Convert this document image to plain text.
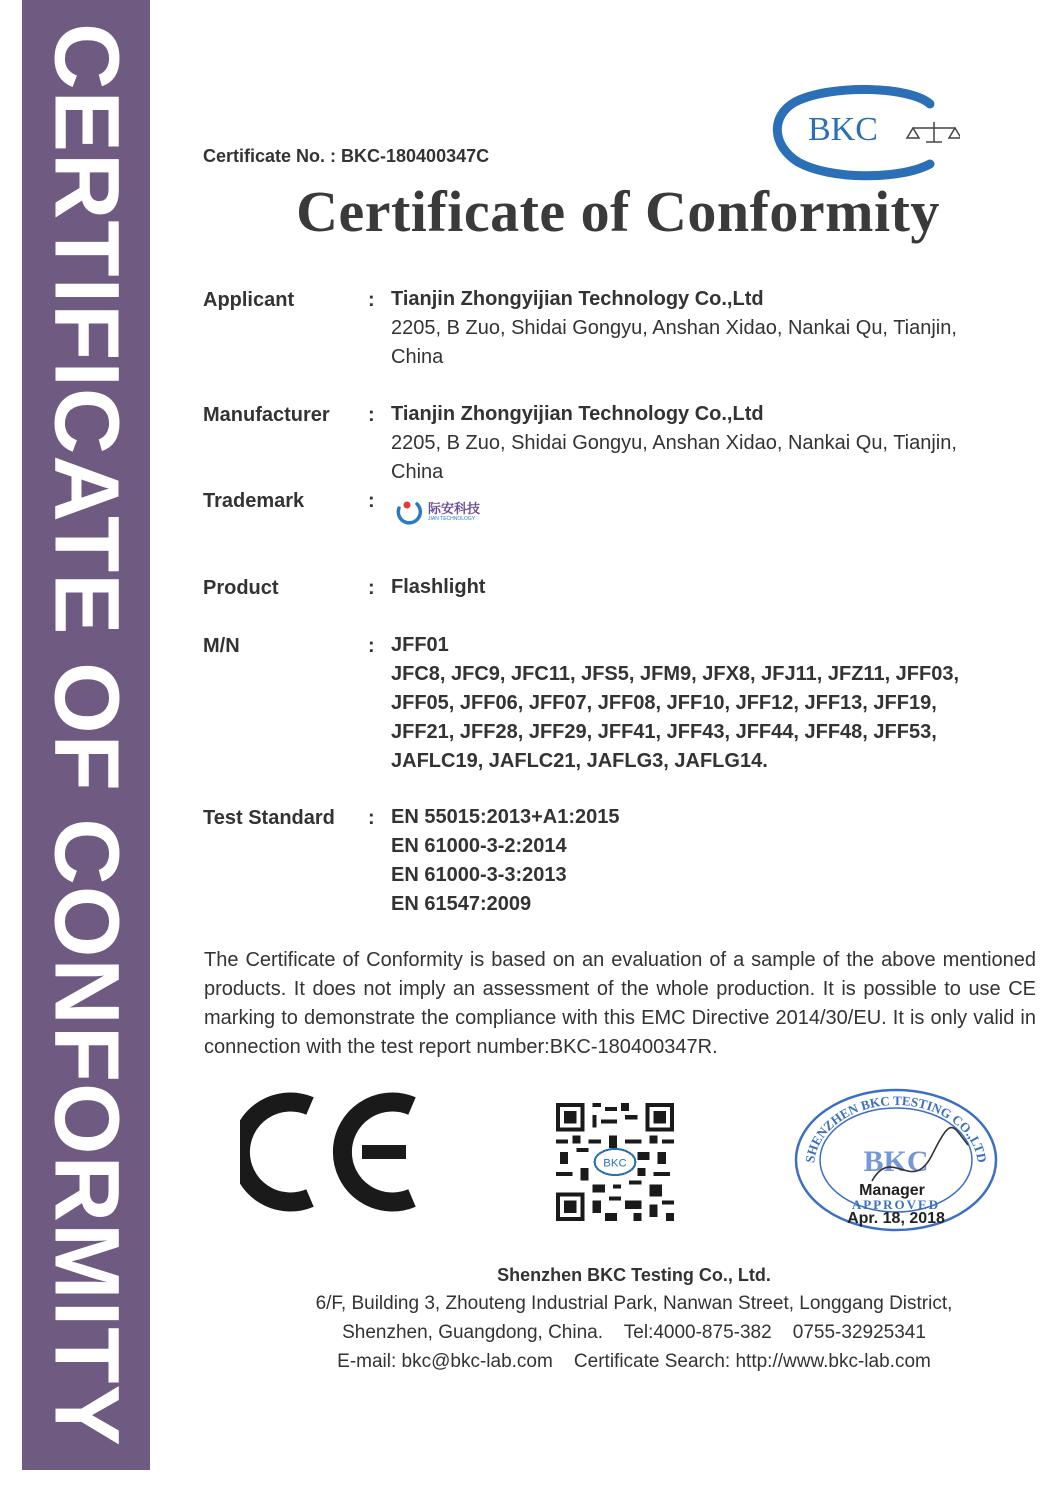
CERTIFICATE OF CONFORMITY	BKC
Certificate No. : BKC-180400347C
Certificate of Conformity
Applicant	: Tianjin Zhongyijian Technology Co.,Ltd
2205, B Zuo, Shidai Gongyu, Anshan Xidao, Nankai Qu, Tianjin,
China
Manufacturer : Tianjin Zhongyijian Technology Co.,Ltd
2205, B Zuo, Shidai Gongyu, Anshan Xidao, Nankai Qu, Tianjin,
China
Trademark	:	际安科技
JIAN TECHNOLOGY
Product	: Flashlight
M/N	: JFF01
JFC8, JFC9, JFC11, JFS5, JFM9, JFX8, JFJ11, JFZ11, JFF03,
JFF05, JFF06, JFF07, JFF08, JFF10, JFF12, JFF13, JFF19,
JFF21, JFF28, JFF29, JFF41, JFF43, JFF44, JFF48, JFF53,
JAFLC19, JAFLC21, JAFLG3, JAFLG14.
Test Standard : EN 55015:2013+A1:2015
EN 61000-3-2:2014
EN 61000-3-3:2013
EN 61547:2009
The Certificate of Conformity is based on an evaluation of a sample of the above mentioned products. It does not imply an assessment of the whole production. It is possible to use CE marking to demonstrate the compliance with this EMC Directive 2014/30/EU. It is only valid in connection with the test report number:BKC-180400347R.
BKC	SHENZHEN BKC TESTING CO.,LTD
BKC
APPROVED
Manager
Apr. 18, 2018
Shenzhen BKC Testing Co., Ltd.
6/F, Building 3, Zhouteng Industrial Park, Nanwan Street, Longgang District,
Shenzhen, Guangdong, China.    Tel:4000-875-382    0755-32925341
E-mail: bkc@bkc-lab.com    Certificate Search: http://www.bkc-lab.com
